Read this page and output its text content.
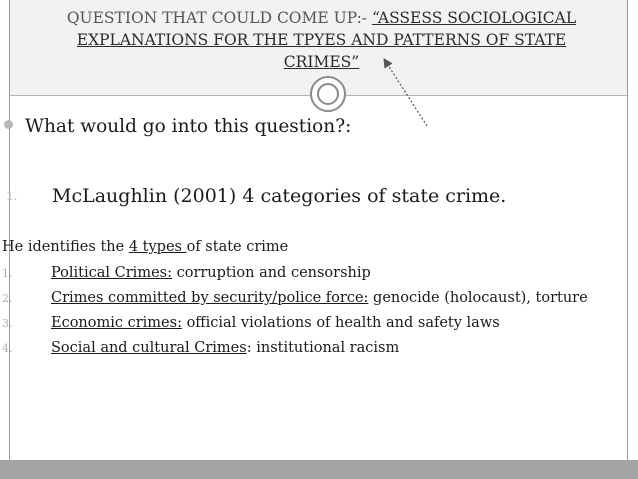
QUESTION THAT COULD COME UP:- “ASSESS SOCIOLOGICAL EXPLANATIONS FOR THE TPYES AND PATTERNS OF STATE CRIMES”
What would go into this question?:
1. McLaughlin (2001) 4 categories of state crime.
He identifies the 4 types of state crime
1.	Political Crimes: corruption and censorship
2.	Crimes committed by security/police force: genocide (holocaust), torture
3.	Economic crimes: official violations of health and safety laws
4.	Social and cultural Crimes: institutional racism
